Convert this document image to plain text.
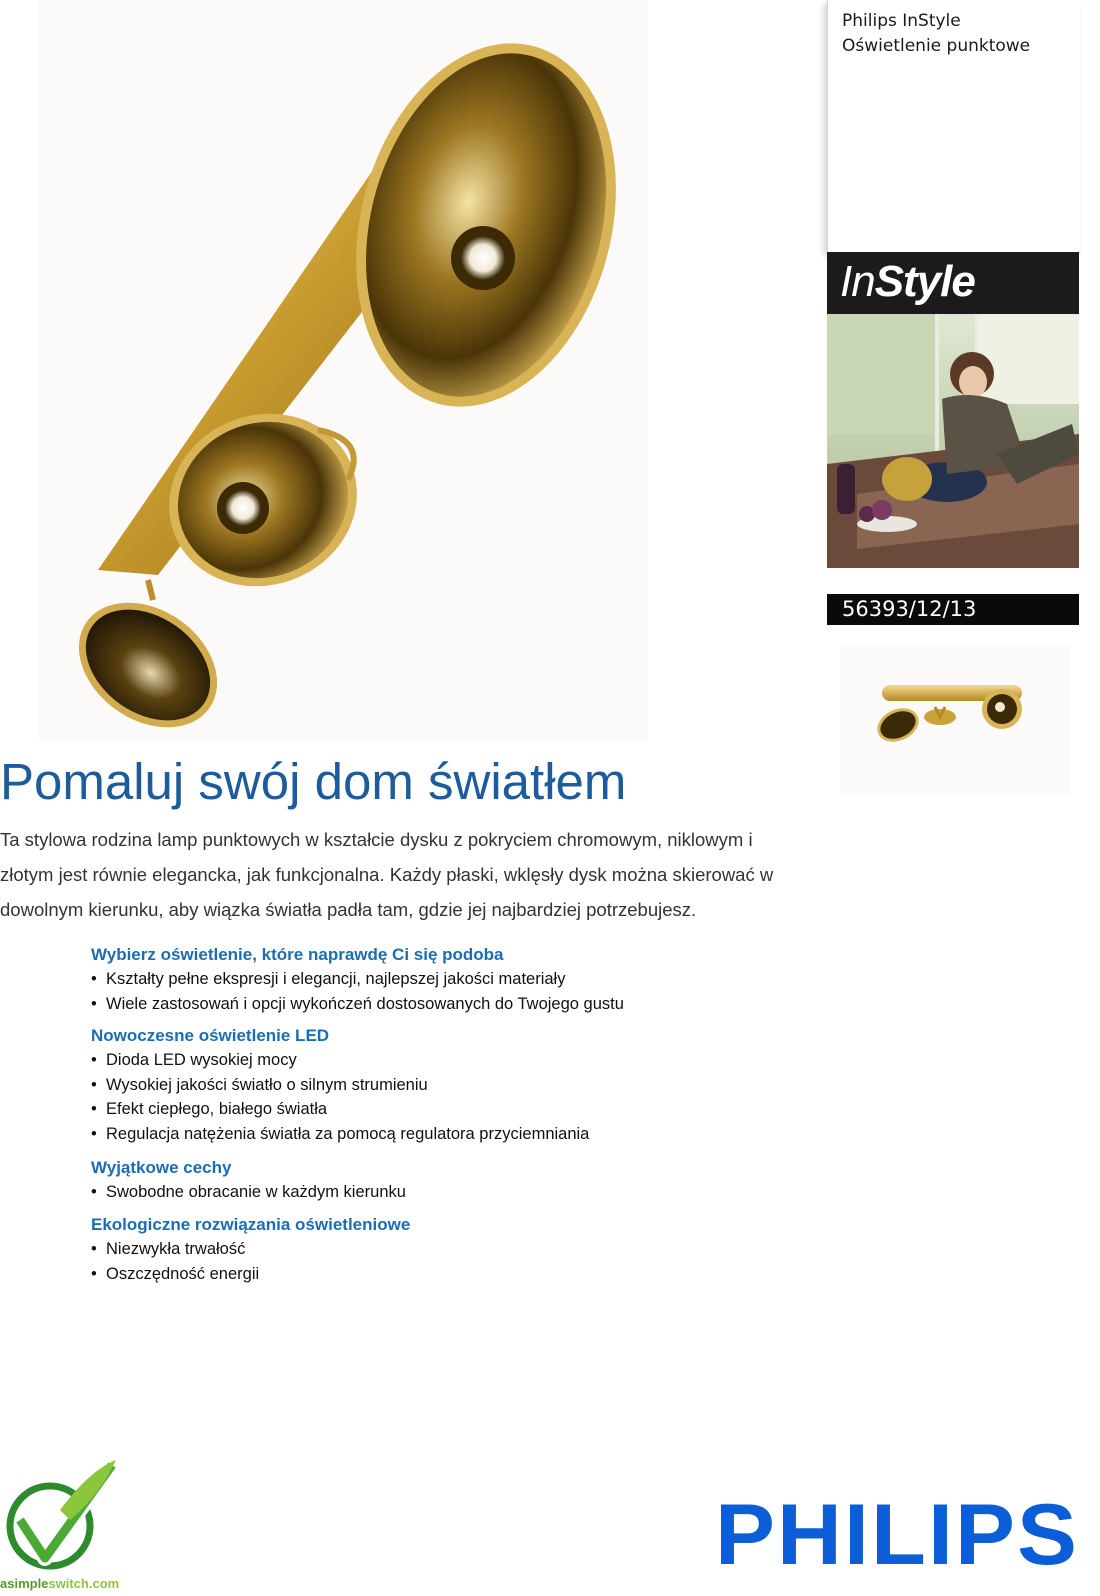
Philips InStyle
Oświetlenie punktowe
InStyle
56393/12/13
Pomaluj swój dom światłem

Ta stylowa rodzina lamp punktowych w kształcie dysku z pokryciem chromowym, niklowym i złotym jest równie elegancka, jak funkcjonalna. Każdy płaski, wklęsły dysk można skierować w dowolnym kierunku, aby wiązka światła padła tam, gdzie jej najbardziej potrzebujesz.

Wybierz oświetlenie, które naprawdę Ci się podoba
• Kształty pełne ekspresji i elegancji, najlepszej jakości materiały
• Wiele zastosowań i opcji wykończeń dostosowanych do Twojego gustu
Nowoczesne oświetlenie LED
• Dioda LED wysokiej mocy
• Wysokiej jakości światło o silnym strumieniu
• Efekt ciepłego, białego światła
• Regulacja natężenia światła za pomocą regulatora przyciemniania
Wyjątkowe cechy
• Swobodne obracanie w każdym kierunku
Ekologiczne rozwiązania oświetleniowe
• Niezwykła trwałość
• Oszczędność energii
asimpleswitch.com
PHILIPS
